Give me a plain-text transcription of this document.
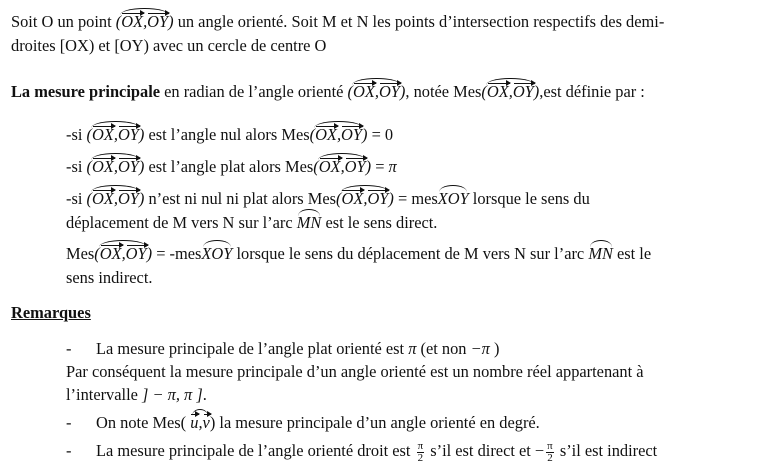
Soit O un point (OX,OY) un angle orienté. Soit M et N les points d’intersection respectifs des demi-
droites [OX) et [OY) avec un cercle de centre O
La mesure principale en radian de l’angle orienté (OX,OY), notée Mes(OX,OY),est définie par :
-si (OX,OY) est l’angle nul alors Mes(OX,OY) = 0
-si (OX,OY) est l’angle plat alors Mes(OX,OY) = π
-si (OX,OY) n’est ni nul ni plat alors Mes(OX,OY) = mesXOY lorsque le sens du
déplacement de M vers N sur l’arc MN est le sens direct.
Mes(OX,OY) = -mesXOY lorsque le sens du déplacement de M vers N sur l’arc MN est le
sens indirect.
Remarques
- La mesure principale de l’angle plat orienté est π (et non −π )
Par conséquent la mesure principale d’un angle orienté est un nombre réel appartenant à
l’intervalle ] − π, π ].
- On note Mes( u,v) la mesure principale d’un angle orienté en degré.
- La mesure principale de l’angle orienté droit est $\frac{\pi}{2}$ s’il est direct et − $\frac{\pi}{2}$ s’il est indirect
